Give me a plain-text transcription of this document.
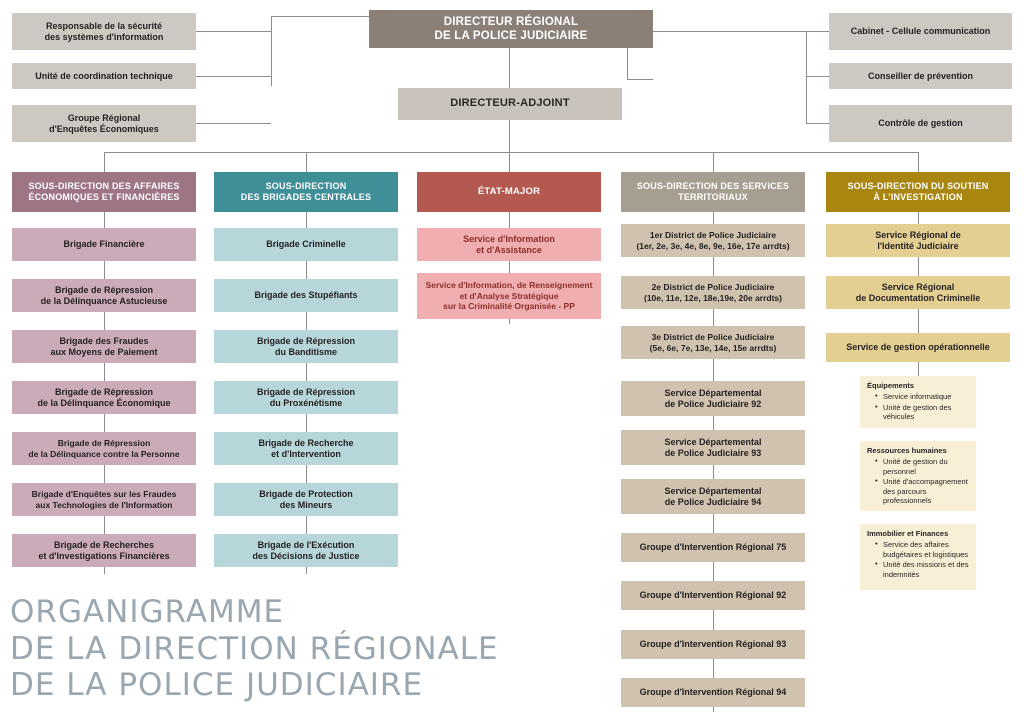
DIRECTEUR RÉGIONAL
DE LA POLICE JUDICIAIRE
DIRECTEUR-ADJOINT
Responsable de la sécurité
des systèmes d'information
Unité de coordination technique
Groupe Régional
d'Enquêtes Économiques
Cabinet - Cellule communication
Conseiller de prévention
Contrôle de gestion
SOUS-DIRECTION DES AFFAIRES
ÉCONOMIQUES ET FINANCIÈRES
Brigade Financière
Brigade de Répression
de la Délinquance Astucieuse
Brigade des Fraudes
aux Moyens de Paiement
Brigade de Répression
de la Délinquance Économique
Brigade de Répression
de la Délinquance contre la Personne
Brigade d'Enquêtes sur les Fraudes
aux Technologies de l'Information
Brigade de Recherches
et d'Investigations Financières
SOUS-DIRECTION
DES BRIGADES CENTRALES
Brigade Criminelle
Brigade des Stupéfiants
Brigade de Répression
du Banditisme
Brigade de Répression
du Proxénétisme
Brigade de Recherche
et d'Intervention
Brigade de Protection
des Mineurs
Brigade de l'Exécution
des Décisions de Justice
ÉTAT-MAJOR
Service d'Information
et d'Assistance
Service d'Information, de Renseignement
et d'Analyse Stratégique
sur la Criminalité Organisée - PP
SOUS-DIRECTION DES SERVICES
TERRITORIAUX
1er District de Police Judiciaire
(1er, 2e, 3e, 4e, 8e, 9e, 16e, 17e arrdts)
2e District de Police Judiciaire
(10e, 11e, 12e, 18e,19e, 20e arrdts)
3e District de Police Judiciaire
(5e, 6e, 7e, 13e, 14e, 15e arrdts)
Service Départemental
de Police Judiciaire 92
Service Départemental
de Police Judiciaire 93
Service Départemental
de Police Judiciaire 94
Groupe d'Intervention Régional 75
Groupe d'Intervention Régional 92
Groupe d'Intervention Régional 93
Groupe d'Intervention Régional 94
SOUS-DIRECTION DU SOUTIEN
À L'INVESTIGATION
Service Régional de
l'Identité Judiciaire
Service Régional
de Documentation Criminelle
Service de gestion opérationnelle
Équipements
• Service informatique
• Unité de gestion des véhicules
Ressources humaines
• Unité de gestion du personnel
• Unité d'accompagnement des parcours professionnels
Immobilier et Finances
• Service des affaires budgétaires et logistiques
• Unité des missions et des indemnités
ORGANIGRAMME
DE LA DIRECTION RÉGIONALE
DE LA POLICE JUDICIAIRE
